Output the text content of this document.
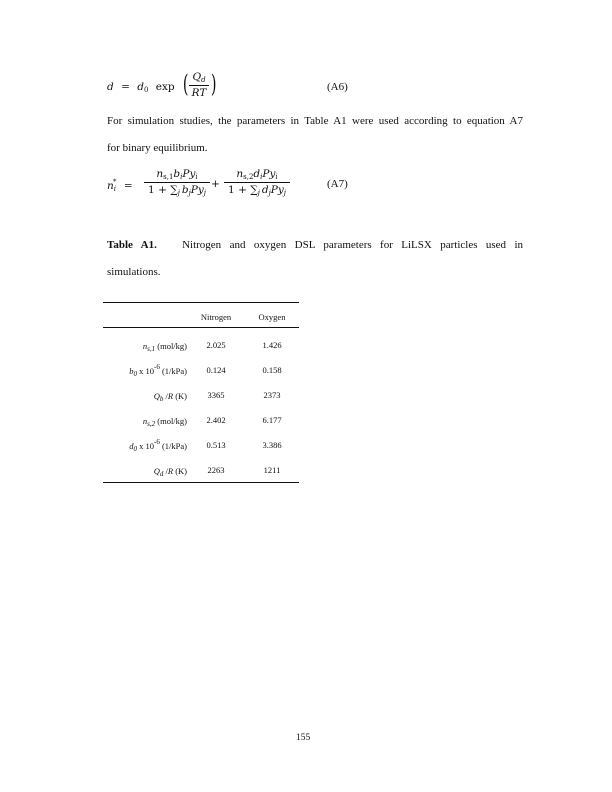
$d = d_0$ exp ( $Q_d$
RT )	(A6)
For simulation studies, the parameters in Table A1 were used according to equation A7
for binary equilibrium.
$n_i^*$ =
$n_{s,1}b_iPy_i$
$1 + \sum_j$ $b_jPy_j$
+
$n_{s,2}d_iPy_i$
$1 + \sum_j$ $d_jPy_j$
(A7)
Table A1. Nitrogen and oxygen DSL parameters for LiLSX particles used in
simulations.
Nitrogen	Oxygen
$n_{s,1}$ (mol/kg)	2.025	1.426
$b_0$ x $10^{-6}$ (1/kPa)	0.124	0.158
$Q_b$ /R (K)	3365	2373
$n_{s,2}$ (mol/kg)	2.402	6.177
$d_0$ x $10^{-6}$ (1/kPa)	0.513	3.386
$Q_d$ /R (K)	2263	1211
155
